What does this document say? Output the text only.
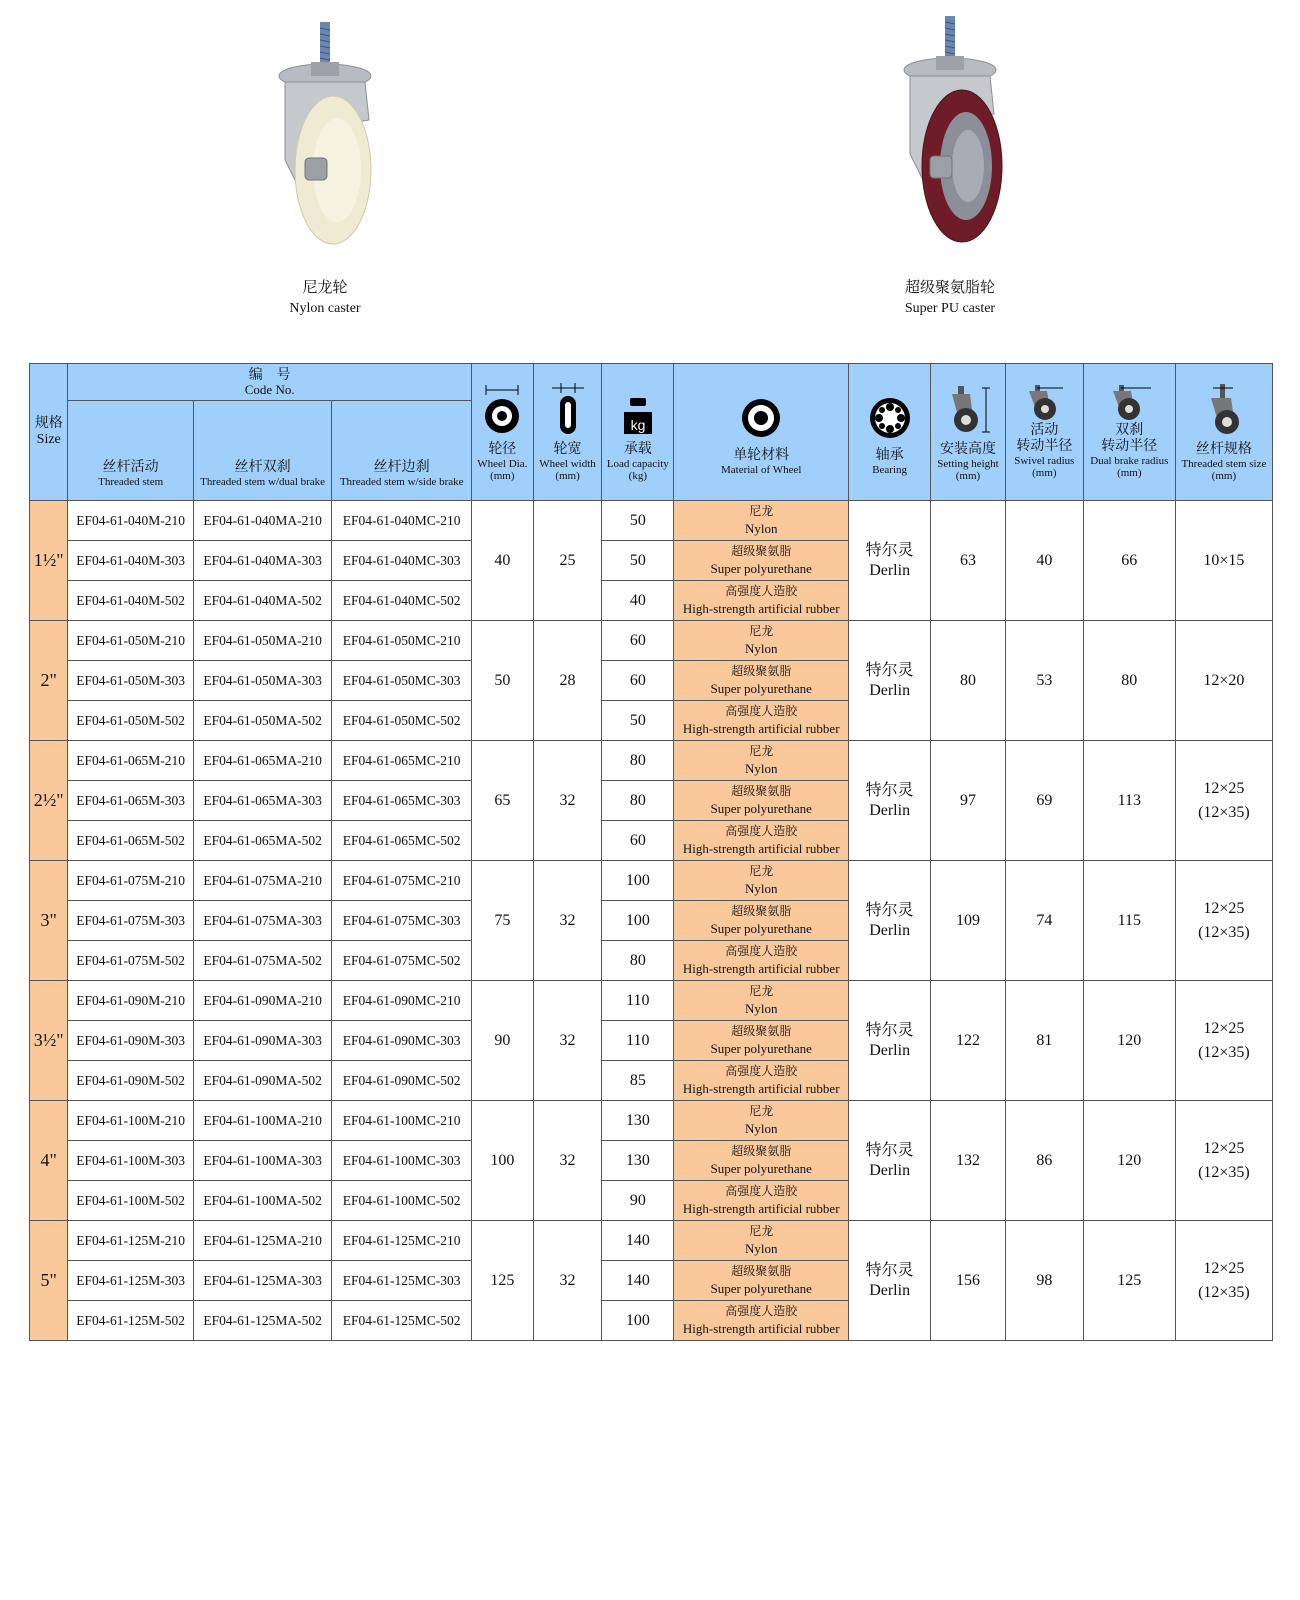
尼龙轮
Nylon caster
超级聚氨脂轮
Super PU caster
规格
Size	编　号
Code No.			轮径
Wheel Dia.
(mm)	轮宽
Wheel width
(mm)	kg
承载
Load capacity
(kg)	单轮材料
Material of Wheel	轴承
Bearing	安装高度
Setting height
(mm)	活动
转动半径
Swivel radius
(mm)	双刹
转动半径
Dual brake radius
(mm)	丝杆规格
Threaded stem size
(mm)

	丝杆活动
Threaded stem	丝杆双刹
Threaded stem w/dual brake	丝杆边刹
Threaded stem w/side brake									

1½"	EF04-61-040M-210	EF04-61-040MA-210	EF04-61-040MC-210	40	25	50	尼龙
Nylon	特尔灵
Derlin	63	40	66	10×15

	EF04-61-040M-303	EF04-61-040MA-303	EF04-61-040MC-303			50	超级聚氨脂
Super polyurethane					

	EF04-61-040M-502	EF04-61-040MA-502	EF04-61-040MC-502			40	高强度人造胶
High-strength artificial rubber					

2"	EF04-61-050M-210	EF04-61-050MA-210	EF04-61-050MC-210	50	28	60	尼龙
Nylon	特尔灵
Derlin	80	53	80	12×20

	EF04-61-050M-303	EF04-61-050MA-303	EF04-61-050MC-303			60	超级聚氨脂
Super polyurethane					

	EF04-61-050M-502	EF04-61-050MA-502	EF04-61-050MC-502			50	高强度人造胶
High-strength artificial rubber					

2½"	EF04-61-065M-210	EF04-61-065MA-210	EF04-61-065MC-210	65	32	80	尼龙
Nylon	特尔灵
Derlin	97	69	113	12×25
(12×35)

	EF04-61-065M-303	EF04-61-065MA-303	EF04-61-065MC-303			80	超级聚氨脂
Super polyurethane					

	EF04-61-065M-502	EF04-61-065MA-502	EF04-61-065MC-502			60	高强度人造胶
High-strength artificial rubber					

3"	EF04-61-075M-210	EF04-61-075MA-210	EF04-61-075MC-210	75	32	100	尼龙
Nylon	特尔灵
Derlin	109	74	115	12×25
(12×35)

	EF04-61-075M-303	EF04-61-075MA-303	EF04-61-075MC-303			100	超级聚氨脂
Super polyurethane					

	EF04-61-075M-502	EF04-61-075MA-502	EF04-61-075MC-502			80	高强度人造胶
High-strength artificial rubber					

3½"	EF04-61-090M-210	EF04-61-090MA-210	EF04-61-090MC-210	90	32	110	尼龙
Nylon	特尔灵
Derlin	122	81	120	12×25
(12×35)

	EF04-61-090M-303	EF04-61-090MA-303	EF04-61-090MC-303			110	超级聚氨脂
Super polyurethane					

	EF04-61-090M-502	EF04-61-090MA-502	EF04-61-090MC-502			85	高强度人造胶
High-strength artificial rubber					

4"	EF04-61-100M-210	EF04-61-100MA-210	EF04-61-100MC-210	100	32	130	尼龙
Nylon	特尔灵
Derlin	132	86	120	12×25
(12×35)

	EF04-61-100M-303	EF04-61-100MA-303	EF04-61-100MC-303			130	超级聚氨脂
Super polyurethane					

	EF04-61-100M-502	EF04-61-100MA-502	EF04-61-100MC-502			90	高强度人造胶
High-strength artificial rubber					

5"	EF04-61-125M-210	EF04-61-125MA-210	EF04-61-125MC-210	125	32	140	尼龙
Nylon	特尔灵
Derlin	156	98	125	12×25
(12×35)

	EF04-61-125M-303	EF04-61-125MA-303	EF04-61-125MC-303			140	超级聚氨脂
Super polyurethane					

	EF04-61-125M-502	EF04-61-125MA-502	EF04-61-125MC-502			100	高强度人造胶
High-strength artificial rubber					
